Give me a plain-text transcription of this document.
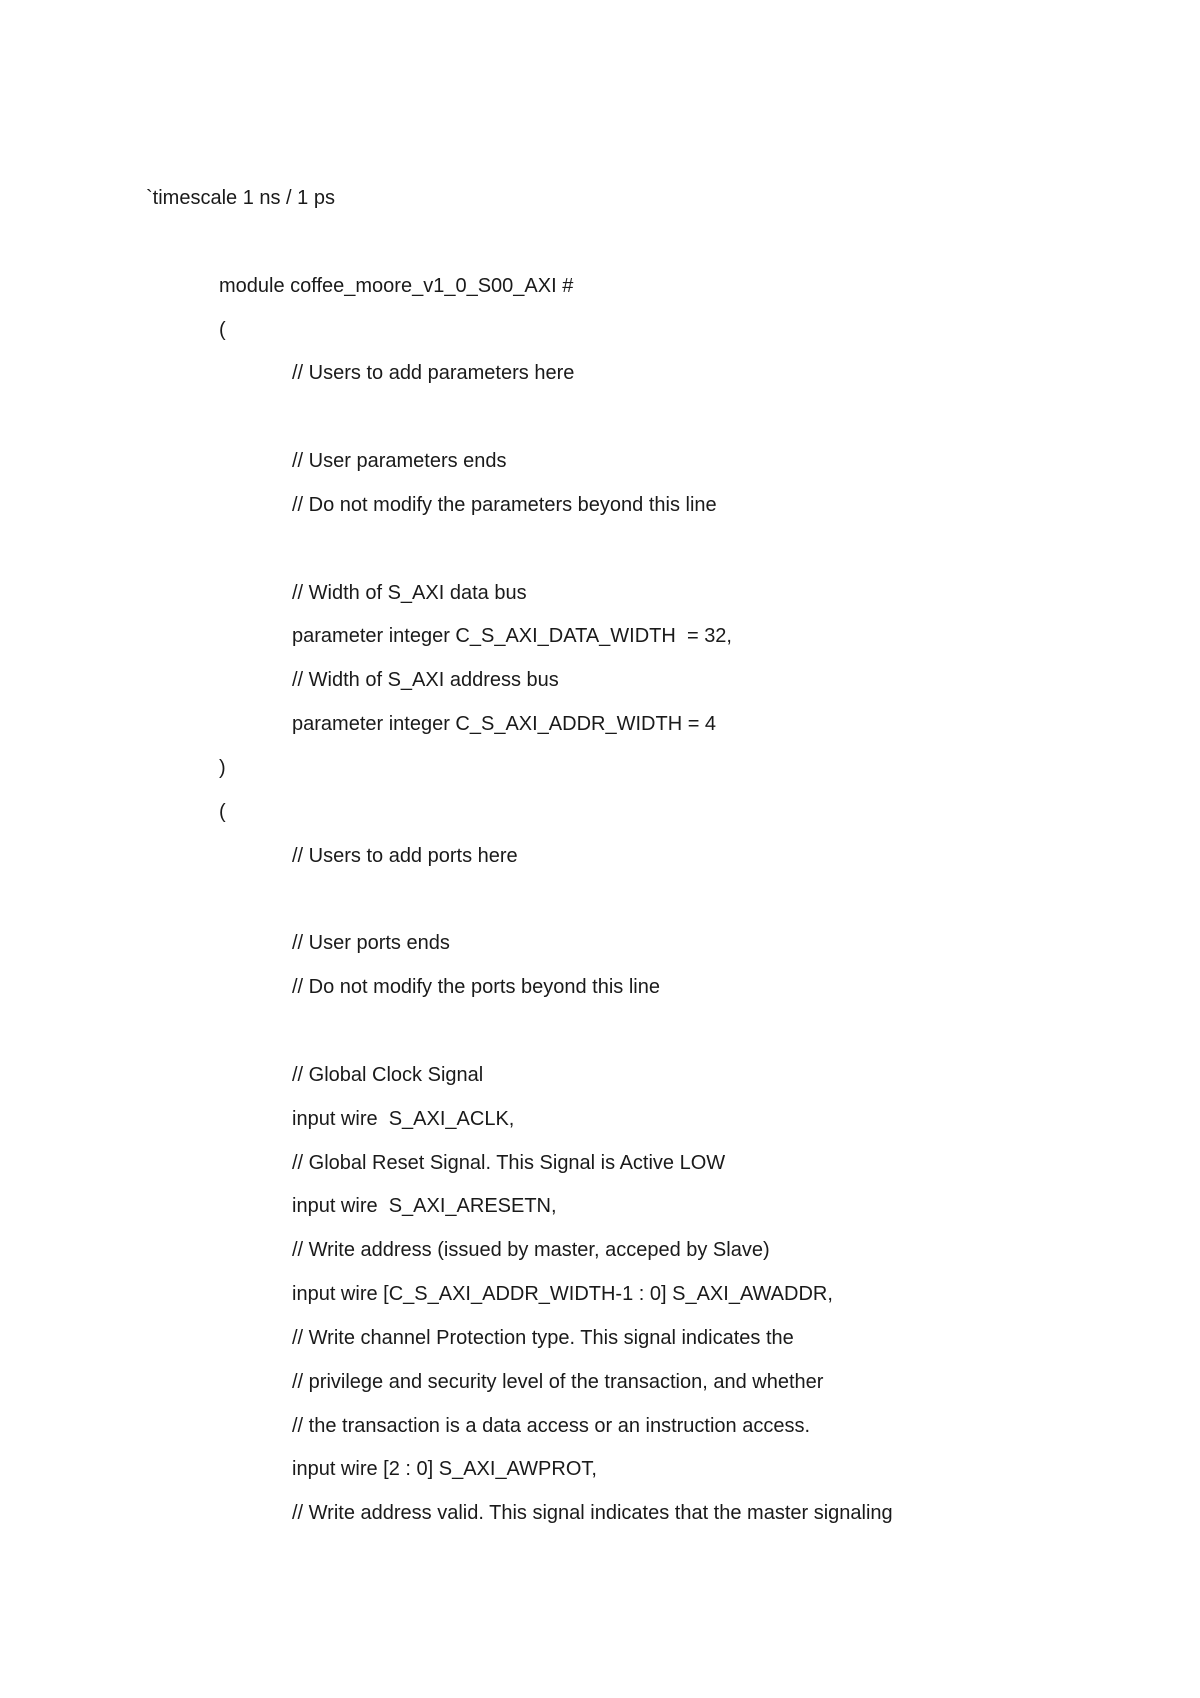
`timescale 1 ns / 1 ps
module coffee_moore_v1_0_S00_AXI #
(
// Users to add parameters here
// User parameters ends
// Do not modify the parameters beyond this line
// Width of S_AXI data bus
parameter integer C_S_AXI_DATA_WIDTH  = 32,
// Width of S_AXI address bus
parameter integer C_S_AXI_ADDR_WIDTH = 4
)
(
// Users to add ports here
// User ports ends
// Do not modify the ports beyond this line
// Global Clock Signal
input wire  S_AXI_ACLK,
// Global Reset Signal. This Signal is Active LOW
input wire  S_AXI_ARESETN,
// Write address (issued by master, acceped by Slave)
input wire [C_S_AXI_ADDR_WIDTH-1 : 0] S_AXI_AWADDR,
// Write channel Protection type. This signal indicates the
// privilege and security level of the transaction, and whether
// the transaction is a data access or an instruction access.
input wire [2 : 0] S_AXI_AWPROT,
// Write address valid. This signal indicates that the master signaling
